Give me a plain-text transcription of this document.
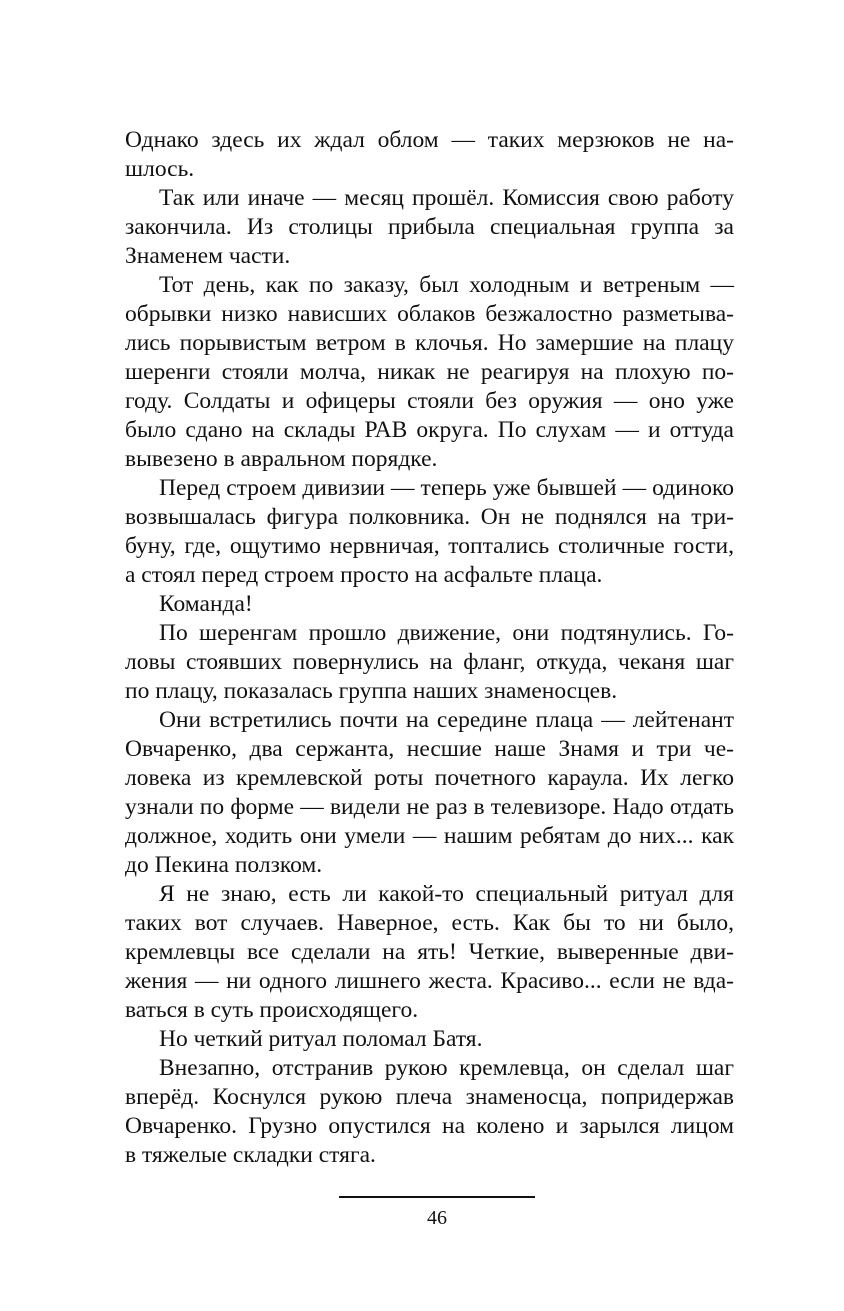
Однако здесь их ждал облом — таких мерзюков не на-
шлось.
Так или иначе — месяц прошёл. Комиссия свою работу
закончила. Из столицы прибыла специальная группа за
Знаменем части.
Тот день, как по заказу, был холодным и ветреным —
обрывки низко нависших облаков безжалостно разметыва-
лись порывистым ветром в клочья. Но замершие на плацу
шеренги стояли молча, никак не реагируя на плохую по-
году. Солдаты и офицеры стояли без оружия — оно уже
было сдано на склады РАВ округа. По слухам — и оттуда
вывезено в авральном порядке.
Перед строем дивизии — теперь уже бывшей — одиноко
возвышалась фигура полковника. Он не поднялся на три-
буну, где, ощутимо нервничая, топтались столичные гости,
а стоял перед строем просто на асфальте плаца.
Команда!
По шеренгам прошло движение, они подтянулись. Го-
ловы стоявших повернулись на фланг, откуда, чеканя шаг
по плацу, показалась группа наших знаменосцев.
Они встретились почти на середине плаца — лейтенант
Овчаренко, два сержанта, несшие наше Знамя и три че-
ловека из кремлевской роты почетного караула. Их легко
узнали по форме — видели не раз в телевизоре. Надо отдать
должное, ходить они умели — нашим ребятам до них... как
до Пекина ползком.
Я не знаю, есть ли какой-то специальный ритуал для
таких вот случаев. Наверное, есть. Как бы то ни было,
кремлевцы все сделали на ять! Четкие, выверенные дви-
жения — ни одного лишнего жеста. Красиво... если не вда-
ваться в суть происходящего.
Но четкий ритуал поломал Батя.
Внезапно, отстранив рукою кремлевца, он сделал шаг
вперёд. Коснулся рукою плеча знаменосца, попридержав
Овчаренко. Грузно опустился на колено и зарылся лицом
в тяжелые складки стяга.
46
